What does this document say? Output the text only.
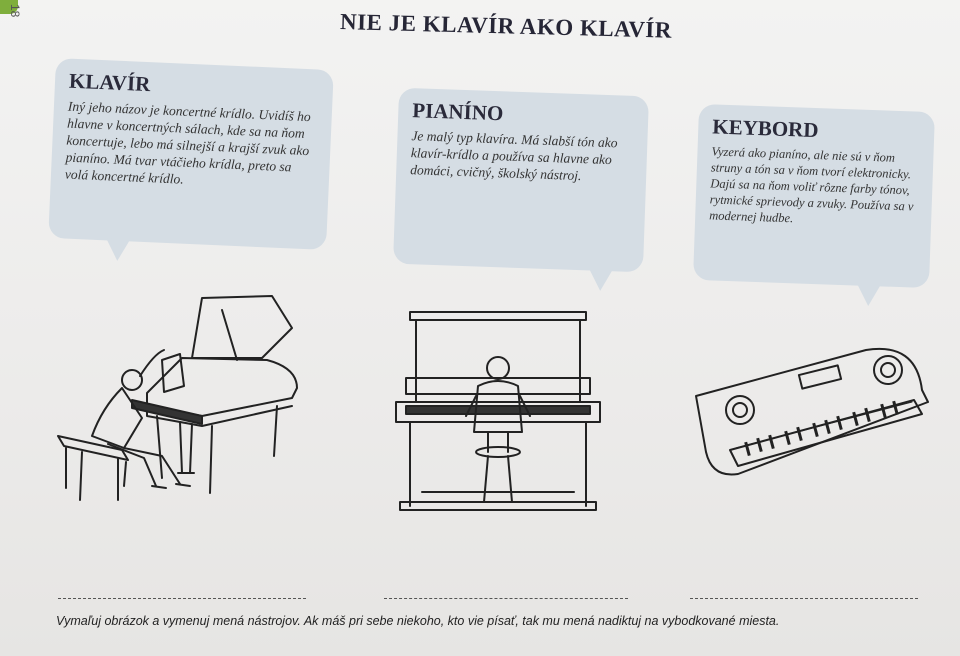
18	NIE JE KLAVÍR AKO KLAVÍR
KLAVÍR

Iný jeho názov je koncertné krídlo. Uvidíš ho hlavne v koncertných sálach, kde sa na ňom koncertuje, lebo má silnejší a krajší zvuk ako pianíno. Má tvar vtáčieho krídla, preto sa volá koncertné krídlo.

PIANÍNO

Je malý typ klavíra. Má slabší tón ako klavír-krídlo a používa sa hlavne ako domáci, cvičný, školský nástroj.

KEYBORD

Vyzerá ako pianíno, ale nie sú v ňom struny a tón sa v ňom tvorí elektronicky. Dajú sa na ňom voliť rôzne farby tónov, rytmické sprievody a zvuky. Používa sa v modernej hudbe.

Vymaľuj obrázok a vymenuj mená nástrojov. Ak máš pri sebe niekoho, kto vie písať, tak mu mená nadiktuj na vybodkované miesta.
